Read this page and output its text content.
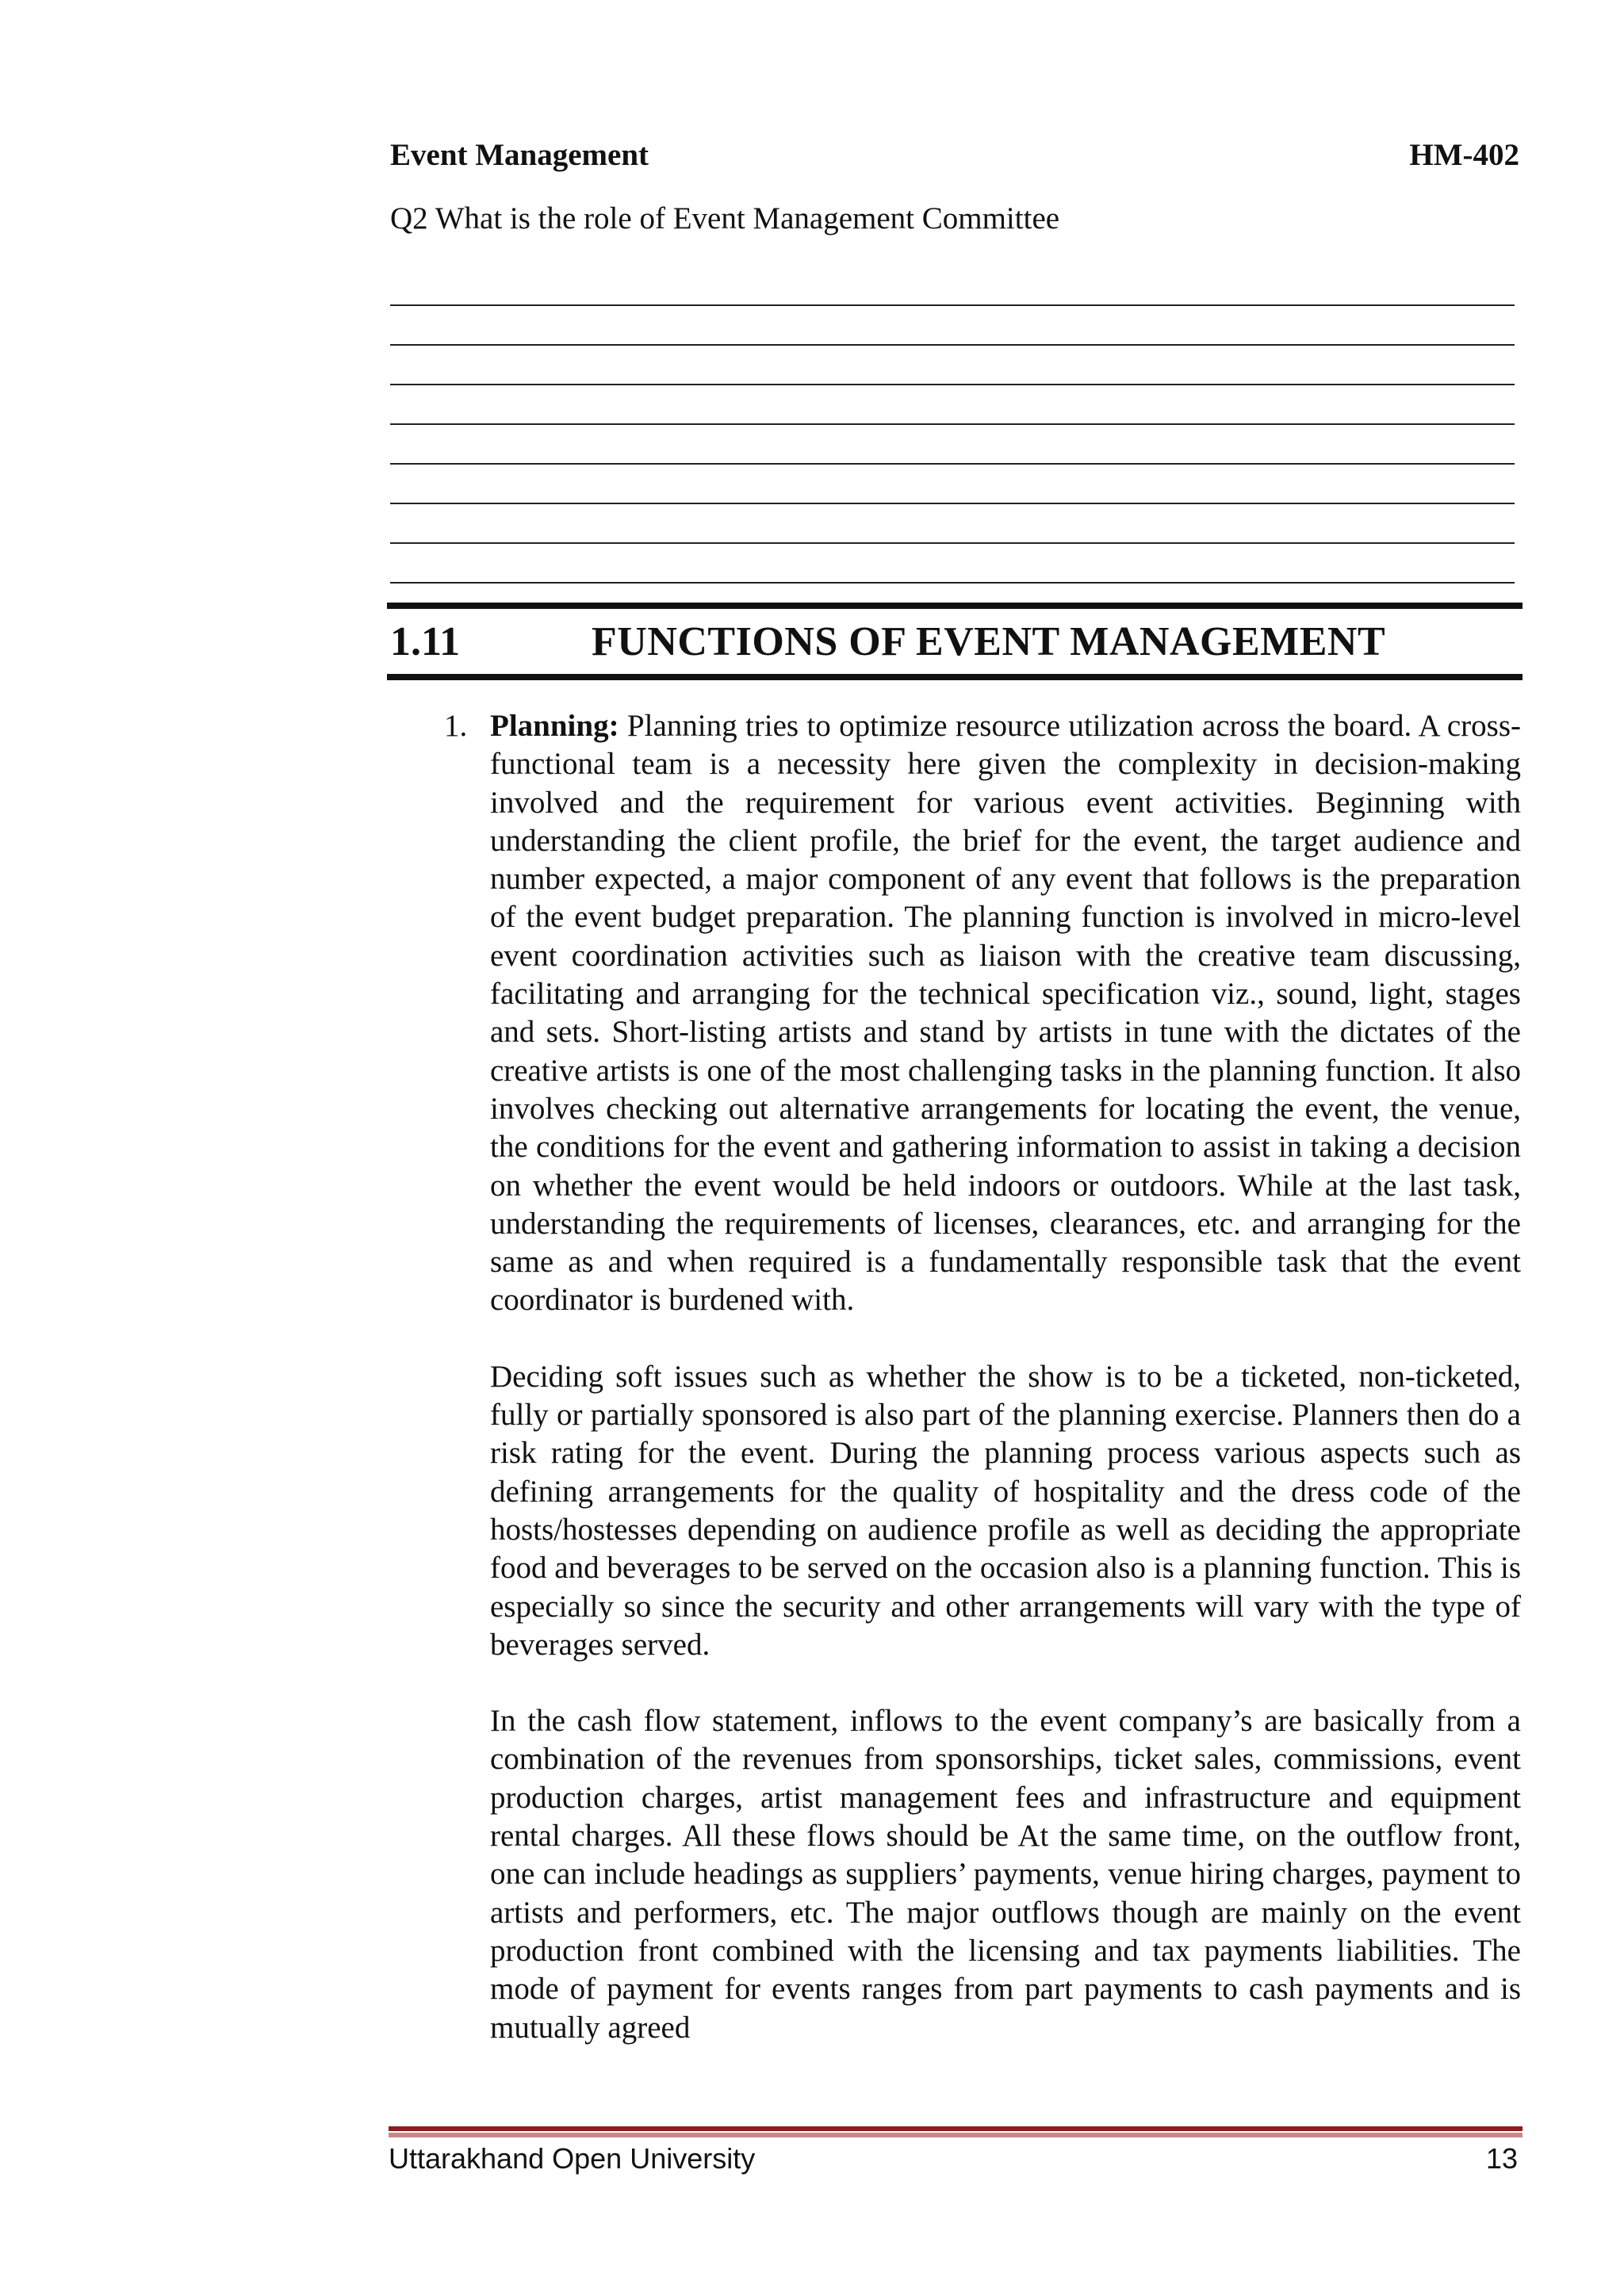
Event Management	HM-402
Q2 What is the role of Event Management Committee
1.11	FUNCTIONS OF EVENT MANAGEMENT
1. Planning: Planning tries to optimize resource utilization across the board. A cross-functional team is a necessity here given the complexity in decision-making involved and the requirement for various event activities. Beginning with understanding the client profile, the brief for the event, the target audience and number expected, a major component of any event that follows is the preparation of the event budget preparation. The planning function is involved in micro-level event coordination activities such as liaison with the creative team discussing, facilitating and arranging for the technical specification viz., sound, light, stages and sets. Short-listing artists and stand by artists in tune with the dictates of the creative artists is one of the most challenging tasks in the planning function. It also involves checking out alternative arrangements for locating the event, the venue, the conditions for the event and gathering information to assist in taking a decision on whether the event would be held indoors or outdoors. While at the last task, understanding the requirements of licenses, clearances, etc. and arranging for the same as and when required is a fundamentally responsible task that the event coordinator is burdened with.

Deciding soft issues such as whether the show is to be a ticketed, non-ticketed, fully or partially sponsored is also part of the planning exercise. Planners then do a risk rating for the event. During the planning process various aspects such as defining arrangements for the quality of hospitality and the dress code of the hosts/hostesses depending on audience profile as well as deciding the appropriate food and beverages to be served on the occasion also is a planning function. This is especially so since the security and other arrangements will vary with the type of beverages served.

In the cash flow statement, inflows to the event company’s are basically from a combination of the revenues from sponsorships, ticket sales, commissions, event production charges, artist management fees and infrastructure and equipment rental charges. All these flows should be At the same time, on the outflow front, one can include headings as suppliers’ payments, venue hiring charges, payment to artists and performers, etc. The major outflows though are mainly on the event production front combined with the licensing and tax payments liabilities. The mode of payment for events ranges from part payments to cash payments and is mutually agreed

Uttarakhand Open University	13
